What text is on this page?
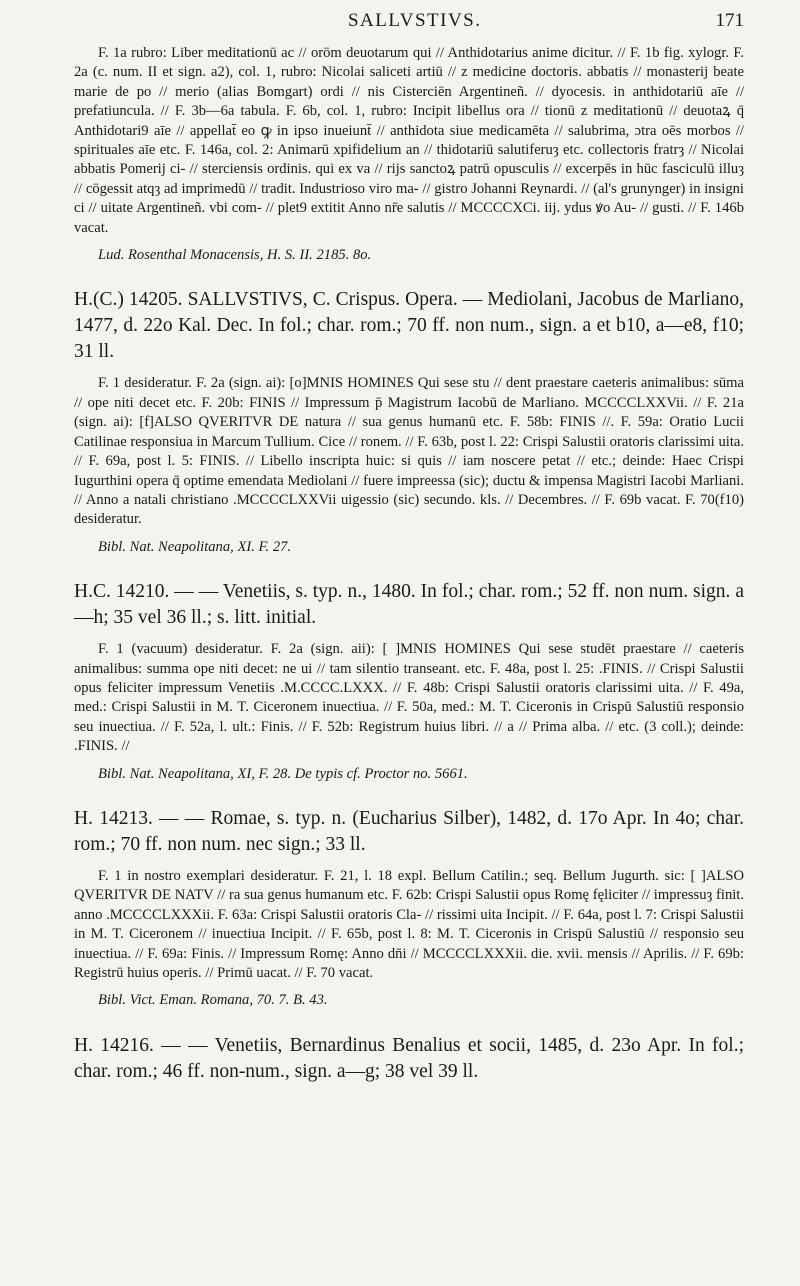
SALLVSTIVS.	171

F. 1a rubro: Liber meditationū ac // orōm deuotarum qui // Anthidotarius anime dicitur. // F. 1b fig. xylogr. F. 2a (c. num. II et sign. a2), col. 1, rubro: Nicolai saliceti artiū // z medicine doctoris. abbatis // monasterij beate marie de po // merio (alias Bomgart) ordi // nis Cisterciēn Argentineñ. // dyocesis. in anthidotariū aīe // prefatiuncula. // F. 3b—6a tabula. F. 6b, col. 1, rubro: Incipit libellus ora // tionū z meditationū // deuotaꝝ q̄ Anthidotari9 aīe // appellat̄ eo ꝙ in ipso inueiunt̄ // anthidota siue medicamēta // salubrima, ɔtra oēs morbos // spirituales aīe etc. F. 146a, col. 2: Animarū xpifidelium an // thidotariū salutiferuȝ etc. collectoris fratrȝ // Nicolai abbatis Pomerij ci- // sterciensis ordinis. qui ex va // rijs sanctoꝝ patrū opusculis // excerpēs in hūc fasciculū illuȝ // cōgessit atqȝ ad imprimedū // tradit. Industrioso viro ma- // gistro Johanni Reynardi. // (al's grunynger) in insigni ci // uitate Argentineñ. vbi com- // plet9 extitit Anno nr̄e salutis // MCCCCXCi. iij. ydus ꝟo Au- // gusti. // F. 146b vacat.

Lud. Rosenthal Monacensis, H. S. II. 2185. 8o.

H.(C.) 14205. SALLVSTIVS, C. Crispus. Opera. — Mediolani, Jacobus de Marliano, 1477, d. 22o Kal. Dec. In fol.; char. rom.; 70 ff. non num., sign. a et b10, a—e8, f10; 31 ll.

F. 1 desideratur. F. 2a (sign. ai): [o]MNIS HOMINES Qui sese stu // dent praestare caeteris animalibus: sūma // ope niti decet etc. F. 20b: FINIS // Impressum p̄ Magistrum Iacobū de Marliano. MCCCCLXXVii. // F. 21a (sign. ai): [f]ALSO QVERITVR DE natura // sua genus humanū etc. F. 58b: FINIS //. F. 59a: Oratio Lucii Catilinae responsiua in Marcum Tullium. Cice // ronem. // F. 63b, post l. 22: Crispi Salustii oratoris clarissimi uita. // F. 69a, post l. 5: FINIS. // Libello inscripta huic: si quis // iam noscere petat // etc.; deinde: Haec Crispi Iugurthini opera q̄ optime emendata Mediolani // fuere impreessa (sic); ductu & impensa Magistri Iacobi Marliani. // Anno a natali christiano .MCCCCLXXVii uigessio (sic) secundo. kls. // Decembres. // F. 69b vacat. F. 70(f10) desideratur.

Bibl. Nat. Neapolitana, XI. F. 27.

H.C. 14210. — — Venetiis, s. typ. n., 1480. In fol.; char. rom.; 52 ff. non num. sign. a—h; 35 vel 36 ll.; s. litt. initial.

F. 1 (vacuum) desideratur. F. 2a (sign. aii): [ ]MNIS HOMINES Qui sese studēt praestare // caeteris animalibus: summa ope niti decet: ne ui // tam silentio transeant. etc. F. 48a, post l. 25: .FINIS. // Crispi Salustii opus feliciter impressum Venetiis .M.CCCC.LXXX. // F. 48b: Crispi Salustii oratoris clarissimi uita. // F. 49a, med.: Crispi Salustii in M. T. Ciceronem inuectiua. // F. 50a, med.: M. T. Ciceronis in Crispū Salustiū responsio seu inuectiua. // F. 52a, l. ult.: Finis. // F. 52b: Registrum huius libri. // a // Prima alba. // etc. (3 coll.); deinde: .FINIS. //

Bibl. Nat. Neapolitana, XI, F. 28. De typis cf. Proctor no. 5661.

H. 14213. — — Romae, s. typ. n. (Eucharius Silber), 1482, d. 17o Apr. In 4o; char. rom.; 70 ff. non num. nec sign.; 33 ll.

F. 1 in nostro exemplari desideratur. F. 21, l. 18 expl. Bellum Catilin.; seq. Bellum Jugurth. sic: [ ]ALSO QVERITVR DE NATV // ra sua genus humanum etc. F. 62b: Crispi Salustii opus Romę fęliciter // impressuȝ finit. anno .MCCCCLXXXii. F. 63a: Crispi Salustii oratoris Cla- // rissimi uita Incipit. // F. 64a, post l. 7: Crispi Salustii in M. T. Ciceronem // inuectiua Incipit. // F. 65b, post l. 8: M. T. Ciceronis in Crispū Salustiū // responsio seu inuectiua. // F. 69a: Finis. // Impressum Romę: Anno dn̄i // MCCCCLXXXii. die. xvii. mensis // Aprilis. // F. 69b: Registrū huius operis. // Primū uacat. // F. 70 vacat.

Bibl. Vict. Eman. Romana, 70. 7. B. 43.

H. 14216. — — Venetiis, Bernardinus Benalius et socii, 1485, d. 23o Apr. In fol.; char. rom.; 46 ff. non-num., sign. a—g; 38 vel 39 ll.
